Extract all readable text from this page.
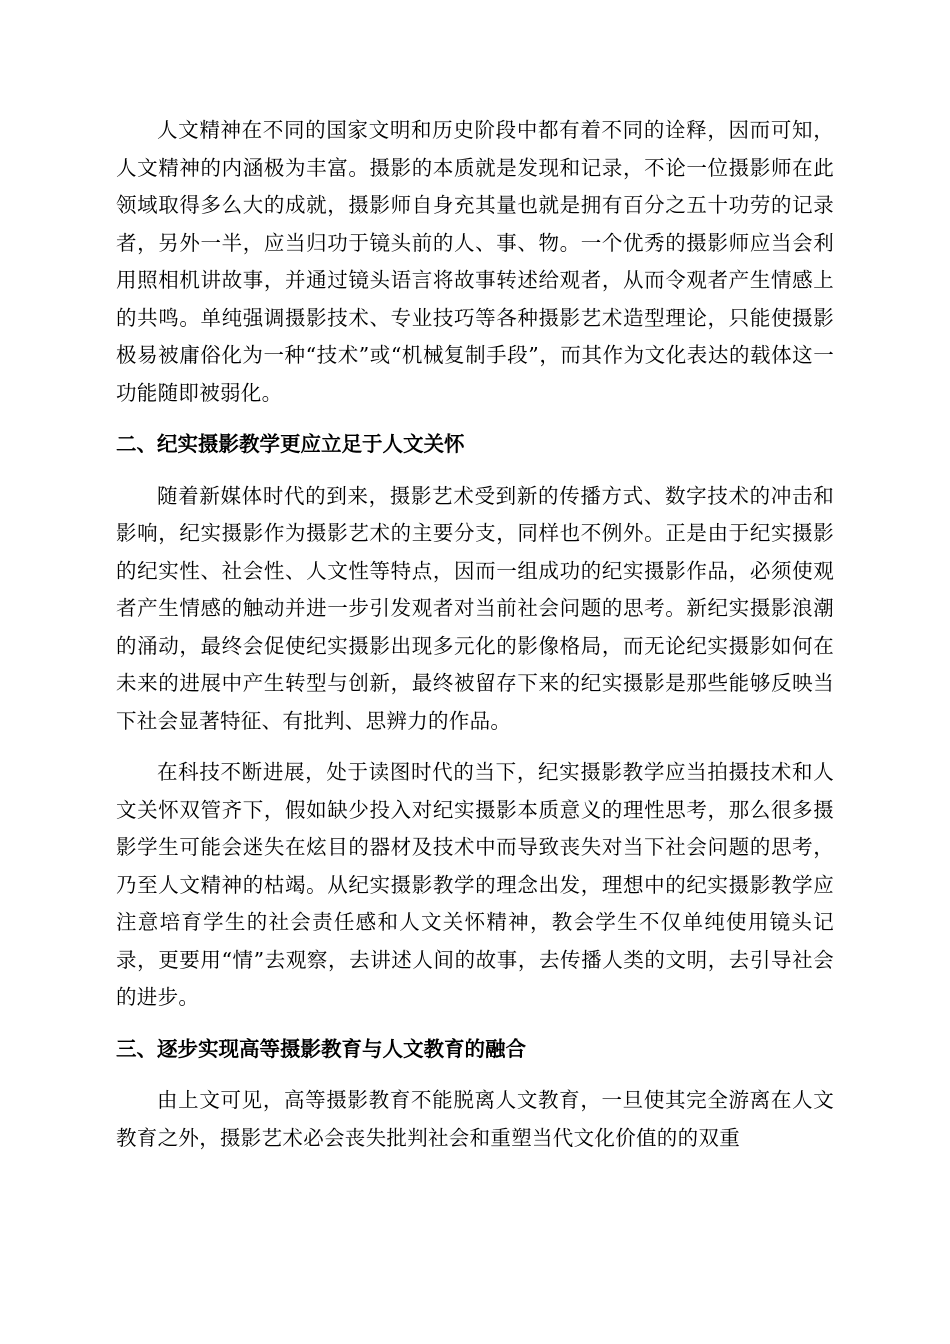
人文精神在不同的国家文明和历史阶段中都有着不同的诠释，因而可知，人文精神的内涵极为丰富。摄影的本质就是发现和记录，不论一位摄影师在此领域取得多么大的成就，摄影师自身充其量也就是拥有百分之五十功劳的记录者，另外一半，应当归功于镜头前的人、事、物。一个优秀的摄影师应当会利用照相机讲故事，并通过镜头语言将故事转述给观者，从而令观者产生情感上的共鸣。单纯强调摄影技术、专业技巧等各种摄影艺术造型理论，只能使摄影极易被庸俗化为一种“技术”或“机械复制手段”，而其作为文化表达的载体这一功能随即被弱化。

二、纪实摄影教学更应立足于人文关怀

随着新媒体时代的到来，摄影艺术受到新的传播方式、数字技术的冲击和影响，纪实摄影作为摄影艺术的主要分支，同样也不例外。正是由于纪实摄影的纪实性、社会性、人文性等特点，因而一组成功的纪实摄影作品，必须使观者产生情感的触动并进一步引发观者对当前社会问题的思考。新纪实摄影浪潮的涌动，最终会促使纪实摄影出现多元化的影像格局，而无论纪实摄影如何在未来的进展中产生转型与创新，最终被留存下来的纪实摄影是那些能够反映当下社会显著特征、有批判、思辨力的作品。

在科技不断进展，处于读图时代的当下，纪实摄影教学应当拍摄技术和人文关怀双管齐下，假如缺少投入对纪实摄影本质意义的理性思考，那么很多摄影学生可能会迷失在炫目的器材及技术中而导致丧失对当下社会问题的思考，乃至人文精神的枯竭。从纪实摄影教学的理念出发，理想中的纪实摄影教学应注意培育学生的社会责任感和人文关怀精神，教会学生不仅单纯使用镜头记录，更要用“情”去观察，去讲述人间的故事，去传播人类的文明，去引导社会的进步。

三、逐步实现高等摄影教育与人文教育的融合

由上文可见，高等摄影教育不能脱离人文教育，一旦使其完全游离在人文教育之外，摄影艺术必会丧失批判社会和重塑当代文化价值的的双重
